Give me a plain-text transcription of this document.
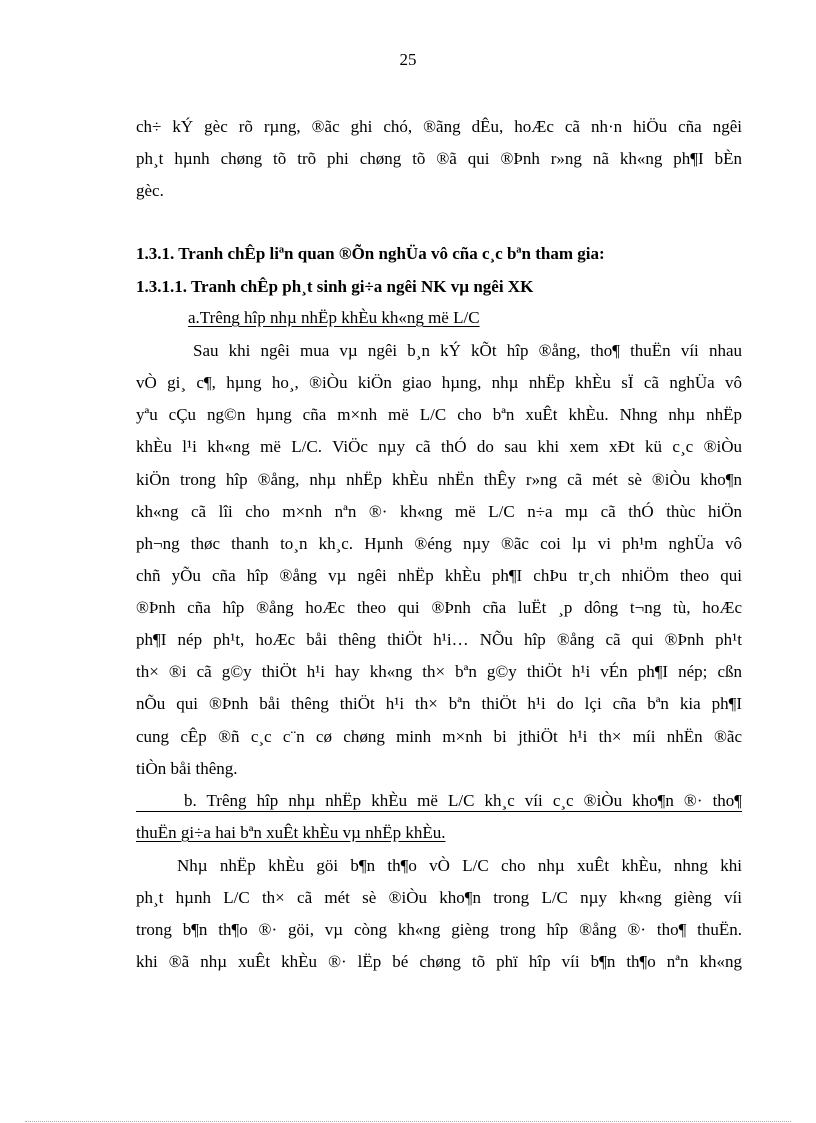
25
ch÷ kÝ gèc rõ rµng, ®ãc ghi chó, ®ãng dÊu, hoÆc cã nh·n hiÖu cña ngêi
ph¸t hµnh chøng tõ trõ phi chøng tõ ®ã qui ®Þnh r»ng nã kh«ng ph¶I bÈn
gèc.
1.3.1. Tranh chÊp liªn quan ®Õn nghÜa vô cña c¸c bªn tham gia:
1.3.1.1. Tranh chÊp ph¸t sinh gi÷a ngêi NK vµ ngêi XK
a.Trêng hîp nhµ nhËp khÈu kh«ng më L/C
Sau khi ngêi mua vµ ngêi b¸n kÝ kÕt hîp ®ång, tho¶ thuËn víi nhau
vÒ gi¸ c¶, hµng ho¸, ®iÒu kiÖn giao hµng, nhµ nhËp khÈu sÏ cã nghÜa vô
yªu cÇu ng©n hµng cña m×nh më L/C cho bªn xuÊt khÈu. Nhng nhµ nhËp
khÈu l¹i kh«ng më L/C. ViÖc nµy cã thÓ do sau khi xem xÐt kü c¸c ®iÒu
kiÖn trong hîp ®ång, nhµ nhËp khÈu nhËn thÊy r»ng cã mét sè ®iÒu kho¶n
kh«ng cã lîi cho m×nh nªn ®· kh«ng më L/C n÷a mµ cã thÓ thùc hiÖn
ph¬ng thøc thanh to¸n kh¸c. Hµnh ®éng nµy ®ãc coi lµ vi ph¹m nghÜa vô
chñ yÕu cña hîp ®ång vµ ngêi nhËp khÈu ph¶I chÞu tr¸ch nhiÖm theo qui
®Þnh cña hîp ®ång hoÆc theo qui ®Þnh cña luËt ¸p dông t¬ng tù, hoÆc
ph¶I nép ph¹t, hoÆc båi thêng thiÖt h¹i… NÕu hîp ®ång cã qui ®Þnh ph¹t
th× ®i cã g©y thiÖt h¹i hay kh«ng th× bªn g©y thiÖt h¹i vÉn ph¶I nép; cßn
nÕu qui ®Þnh båi thêng thiÖt h¹i th× bªn thiÖt h¹i do lçi cña bªn kia ph¶I
cung cÊp ®ñ c¸c c¨n cø chøng minh m×nh bi jthiÖt h¹i th× míi nhËn ®ãc
tiÒn båi thêng.
b. Trêng hîp nhµ nhËp khÈu më L/C kh¸c víi c¸c ®iÒu kho¶n ®· tho¶
thuËn gi÷a hai bªn xuÊt khÈu vµ nhËp khÈu.
Nhµ nhËp khÈu göi b¶n th¶o vÒ L/C cho nhµ xuÊt khÈu, nhng khi
ph¸t hµnh L/C th× cã mét sè ®iÒu kho¶n trong L/C nµy kh«ng gièng víi
trong b¶n th¶o ®· göi, vµ còng kh«ng gièng trong hîp ®ång ®· tho¶ thuËn.
khi ®ã nhµ xuÊt khÈu ®· lËp bé chøng tõ phï hîp víi b¶n th¶o nªn kh«ng
